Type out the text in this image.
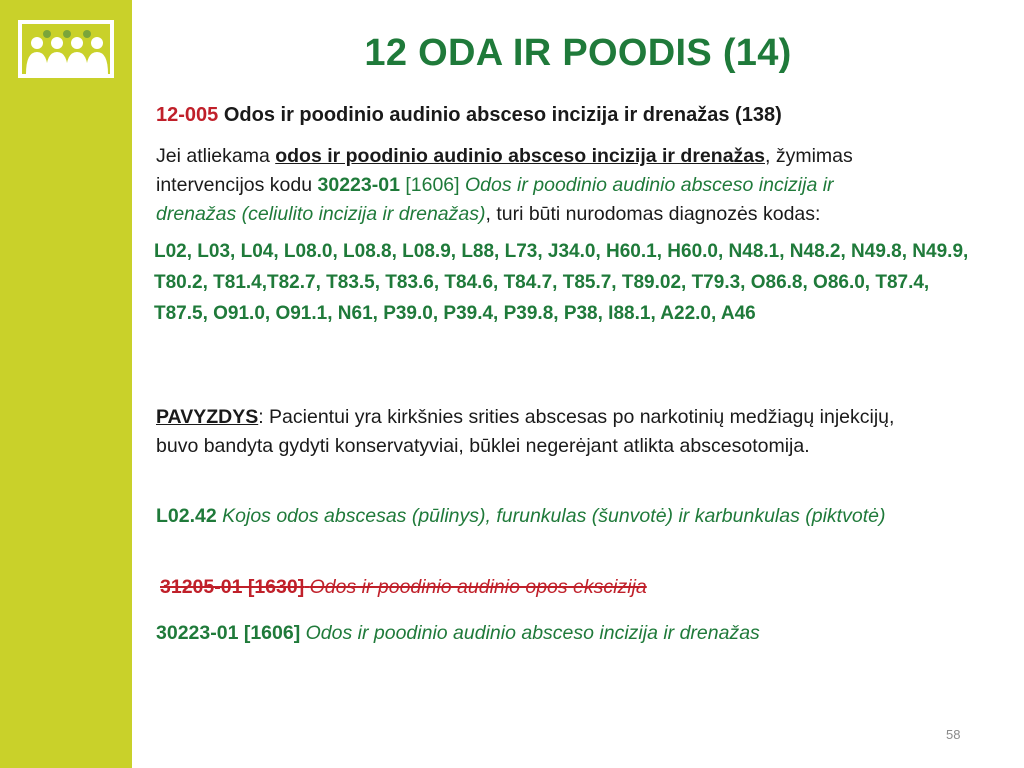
12 ODA IR POODIS (14)
12-005 Odos ir poodinio audinio absceso incizija ir drenažas (138)
Jei atliekama odos ir poodinio audinio absceso incizija ir drenažas, žymimas
intervencijos kodu 30223-01 [1606] Odos ir poodinio audinio absceso incizija ir
drenažas (celiulito incizija ir drenažas), turi būti nurodomas diagnozės kodas:
L02, L03, L04, L08.0, L08.8, L08.9, L88, L73, J34.0, H60.1, H60.0, N48.1, N48.2, N49.8, N49.9, T80.2, T81.4,T82.7, T83.5, T83.6, T84.6, T84.7, T85.7, T89.02, T79.3, O86.8, O86.0, T87.4, T87.5, O91.0, O91.1, N61, P39.0, P39.4, P39.8, P38, I88.1, A22.0, A46
PAVYZDYS: Pacientui yra kirkšnies srities abscesas po narkotinių medžiagų injekcijų, buvo bandyta gydyti konservatyviai, būklei negerėjant atlikta abscesotomija.
L02.42 Kojos odos abscesas (pūlinys), furunkulas (šunvotė) ir karbunkulas (piktvotė)
31205-01 [1630] Odos ir poodinio audinio opos ekscizija
30223-01 [1606] Odos ir poodinio audinio absceso incizija ir drenažas
58
